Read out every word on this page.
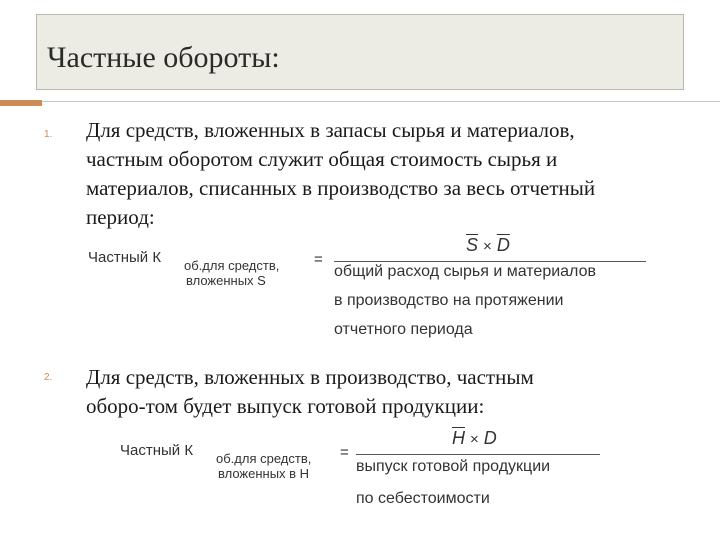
Частные обороты:
1. Для средств, вложенных в запасы сырья и материалов,
частным оборотом служит общая стоимость сырья и
материалов, списанных в производство за весь отчетный
период:
Частный К об.для средств,
вложенных S
=
$\overline{S} \times \overline{D}$
общий расход сырья и материалов
в производство на протяжении
отчетного периода
2. Для средств, вложенных в производство, частным
оборо-том будет выпуск готовой продукции:
Частный К об.для средств,
вложенных в Н
=
$\overline{H} \times D$
выпуск готовой продукции
по себестоимости
